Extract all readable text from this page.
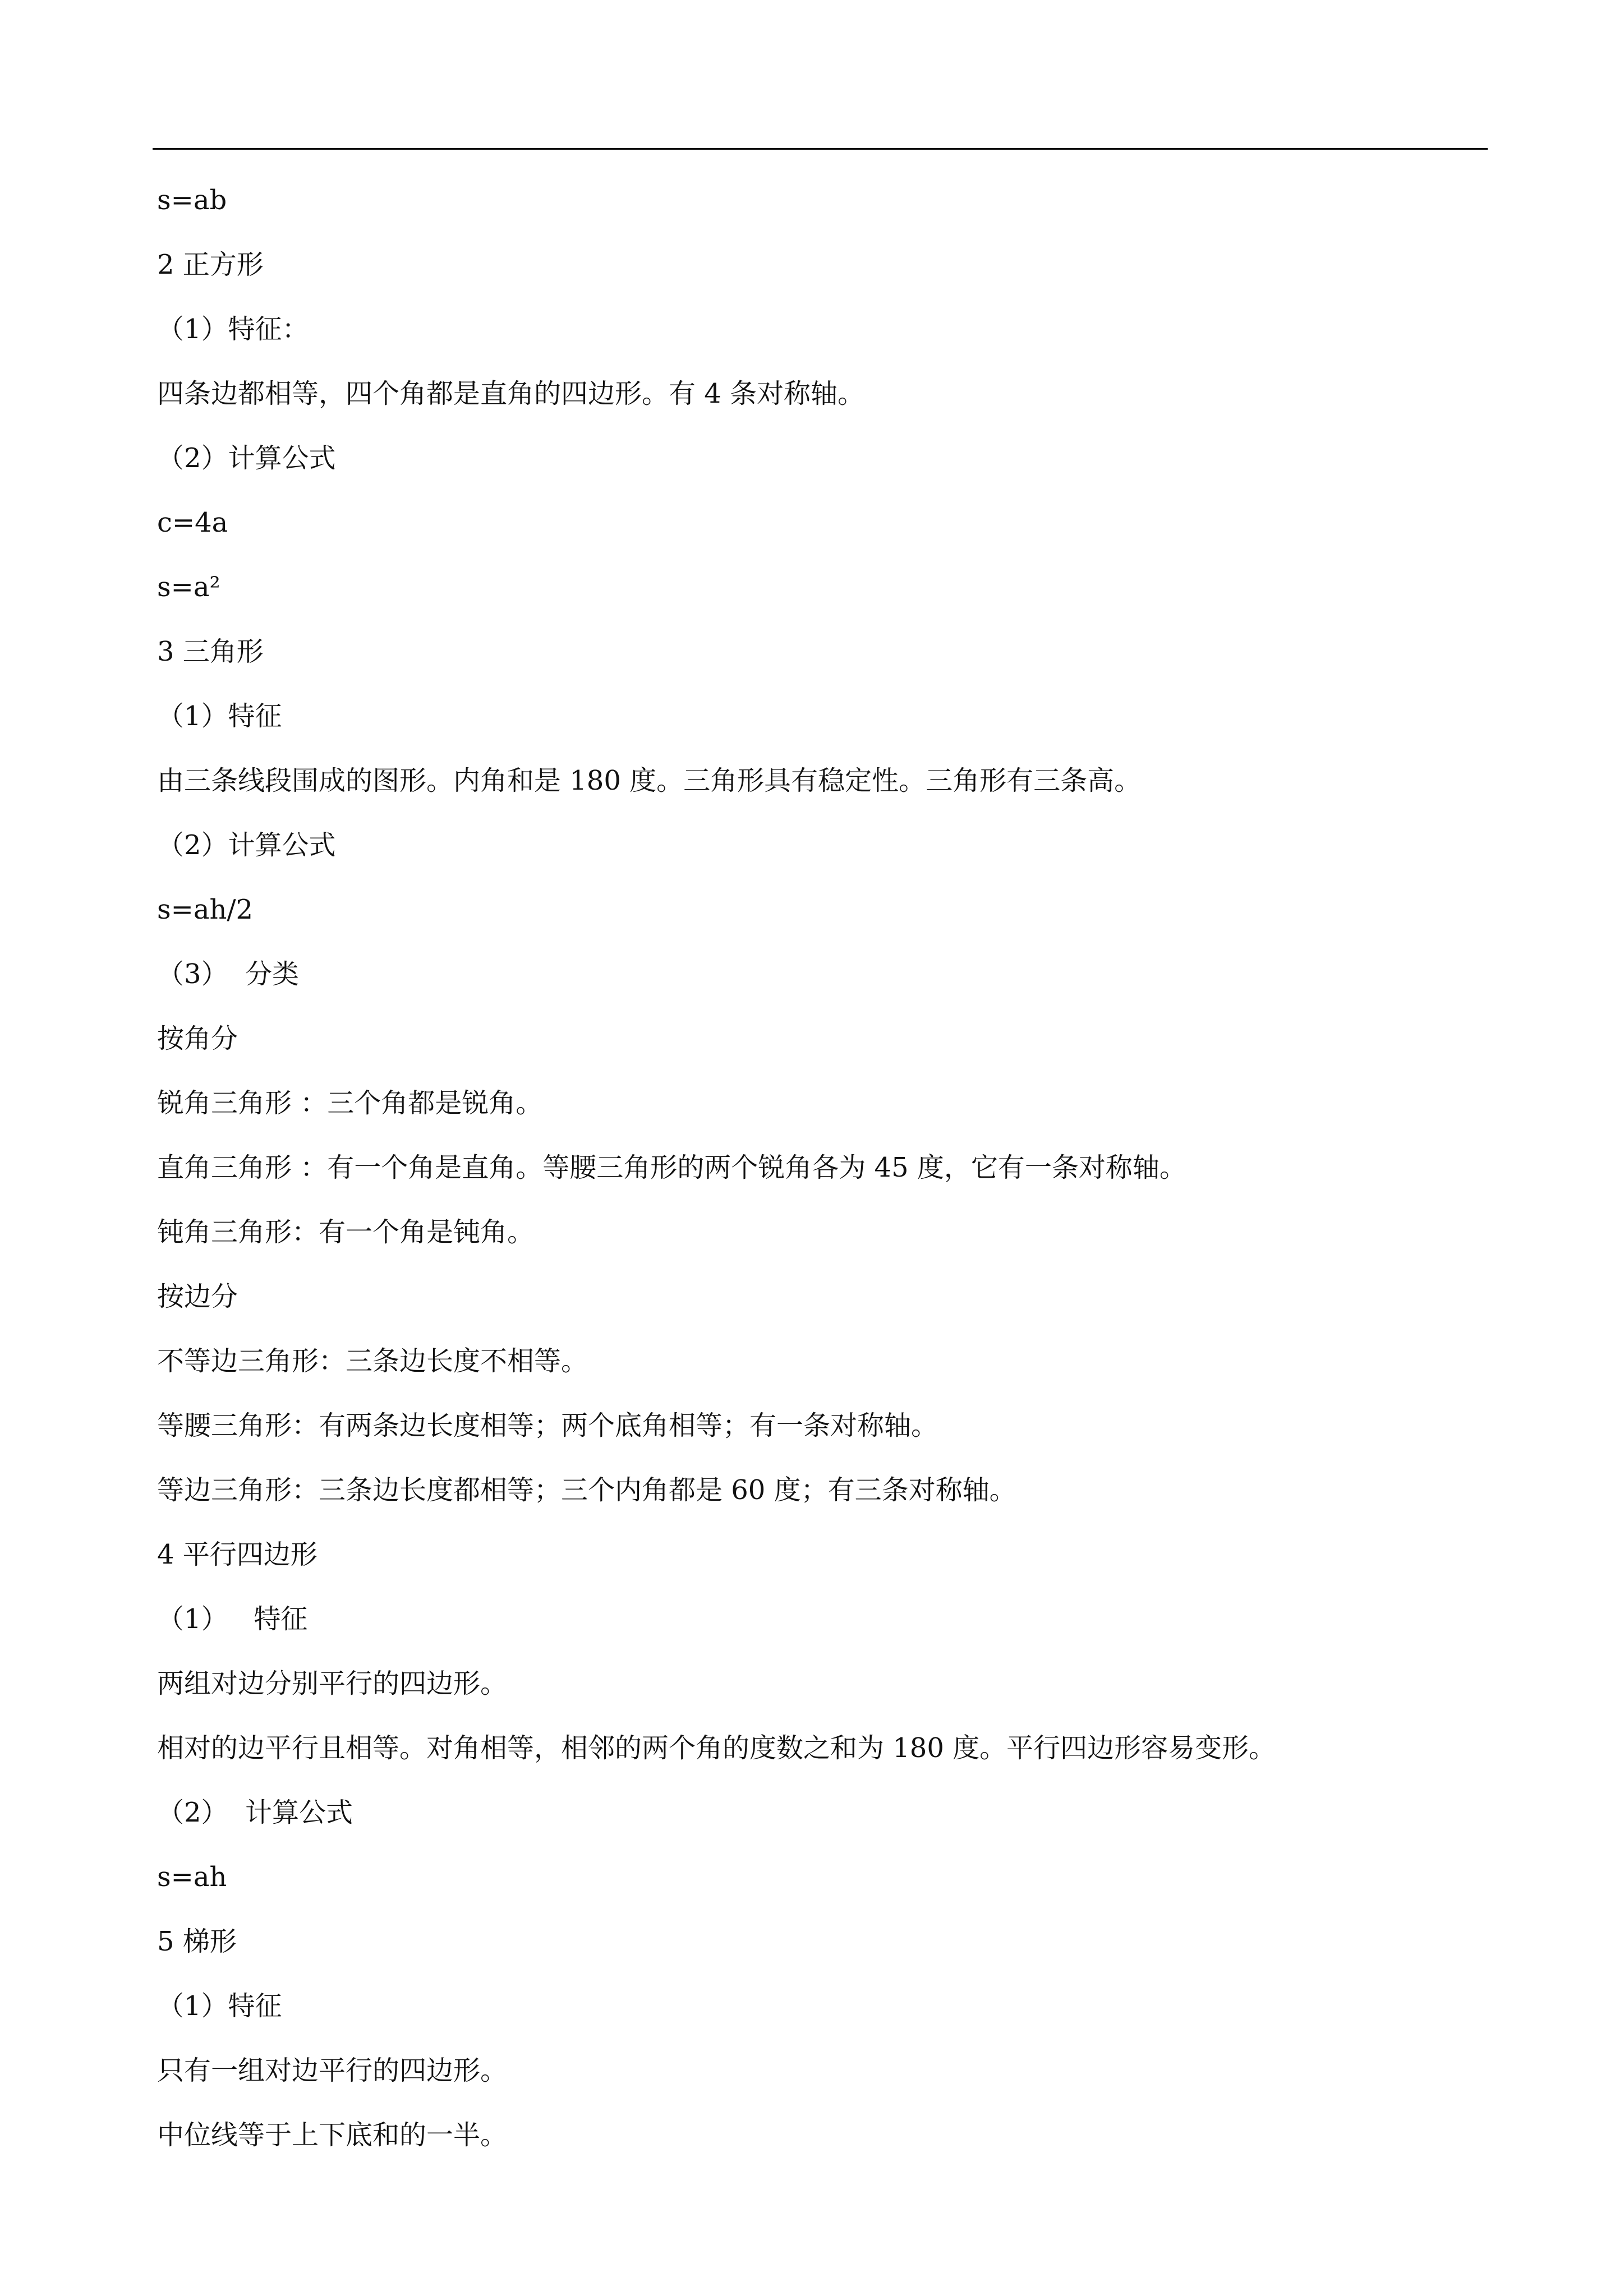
s=ab
2 正方形
（1）特征：
四条边都相等，四个角都是直角的四边形。有 4 条对称轴。
（2）计算公式
c=4a
s=a²
3 三角形
（1）特征
由三条线段围成的图形。内角和是 180 度。三角形具有稳定性。三角形有三条高。
（2）计算公式
s=ah/2
（3）  分类
按角分
锐角三角形 ：三个角都是锐角。
直角三角形 ：有一个角是直角。等腰三角形的两个锐角各为 45 度，它有一条对称轴。
钝角三角形：有一个角是钝角。
按边分
不等边三角形：三条边长度不相等。
等腰三角形：有两条边长度相等；两个底角相等；有一条对称轴。
等边三角形：三条边长度都相等；三个内角都是 60 度；有三条对称轴。
4 平行四边形
（1）   特征
两组对边分别平行的四边形。
相对的边平行且相等。对角相等，相邻的两个角的度数之和为 180 度。平行四边形容易变形。
（2）  计算公式
s=ah
5 梯形
（1）特征
只有一组对边平行的四边形。
中位线等于上下底和的一半。
